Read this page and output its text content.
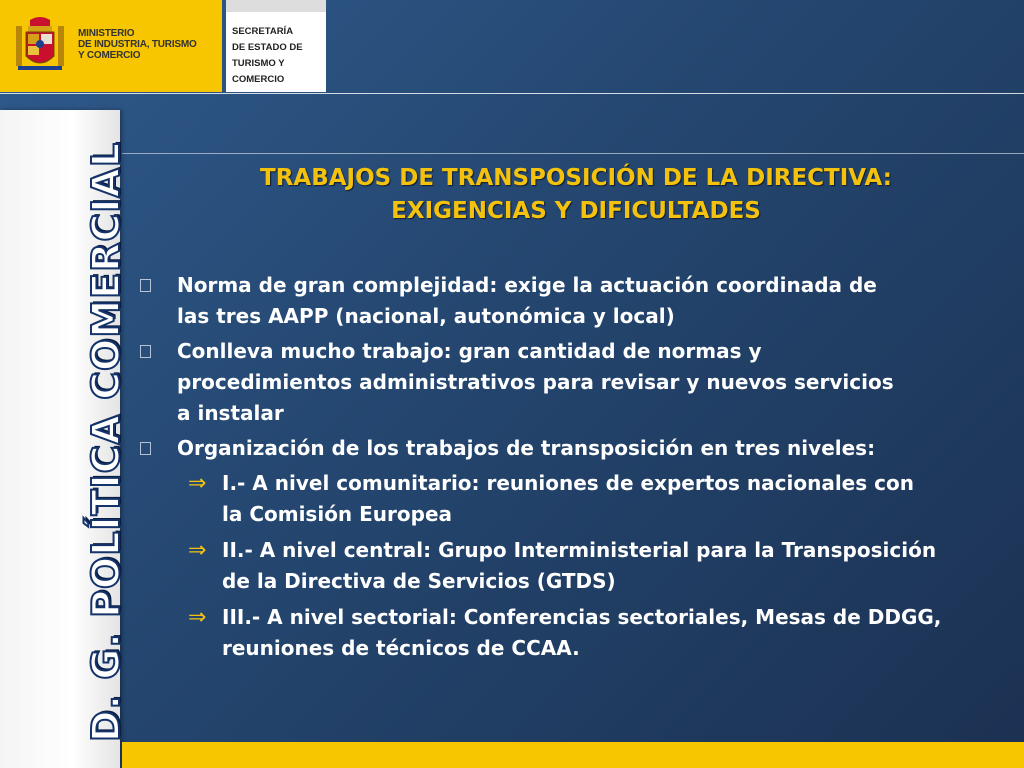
MINISTERIO
DE INDUSTRIA, TURISMO
Y COMERCIO
SECRETARÍA
DE ESTADO DE
TURISMO Y
COMERCIO
D. G. POLÍTICA COMERCIAL	TRABAJOS DE TRANSPOSICIÓN DE LA DIRECTIVA:
EXIGENCIAS Y DIFICULTADES
Norma de gran complejidad: exige la actuación coordinada de
las tres AAPP (nacional, autonómica y local)
Conlleva mucho trabajo: gran cantidad de normas y
procedimientos administrativos para revisar y nuevos servicios
a instalar
Organización de los trabajos de transposición en tres niveles:
⇒ I.- A nivel comunitario: reuniones de expertos nacionales con
la Comisión Europea
⇒ II.- A nivel central: Grupo Interministerial para la Transposición
de la Directiva de Servicios (GTDS)
⇒ III.- A nivel sectorial: Conferencias sectoriales, Mesas de DDGG,
reuniones de técnicos de CCAA.
